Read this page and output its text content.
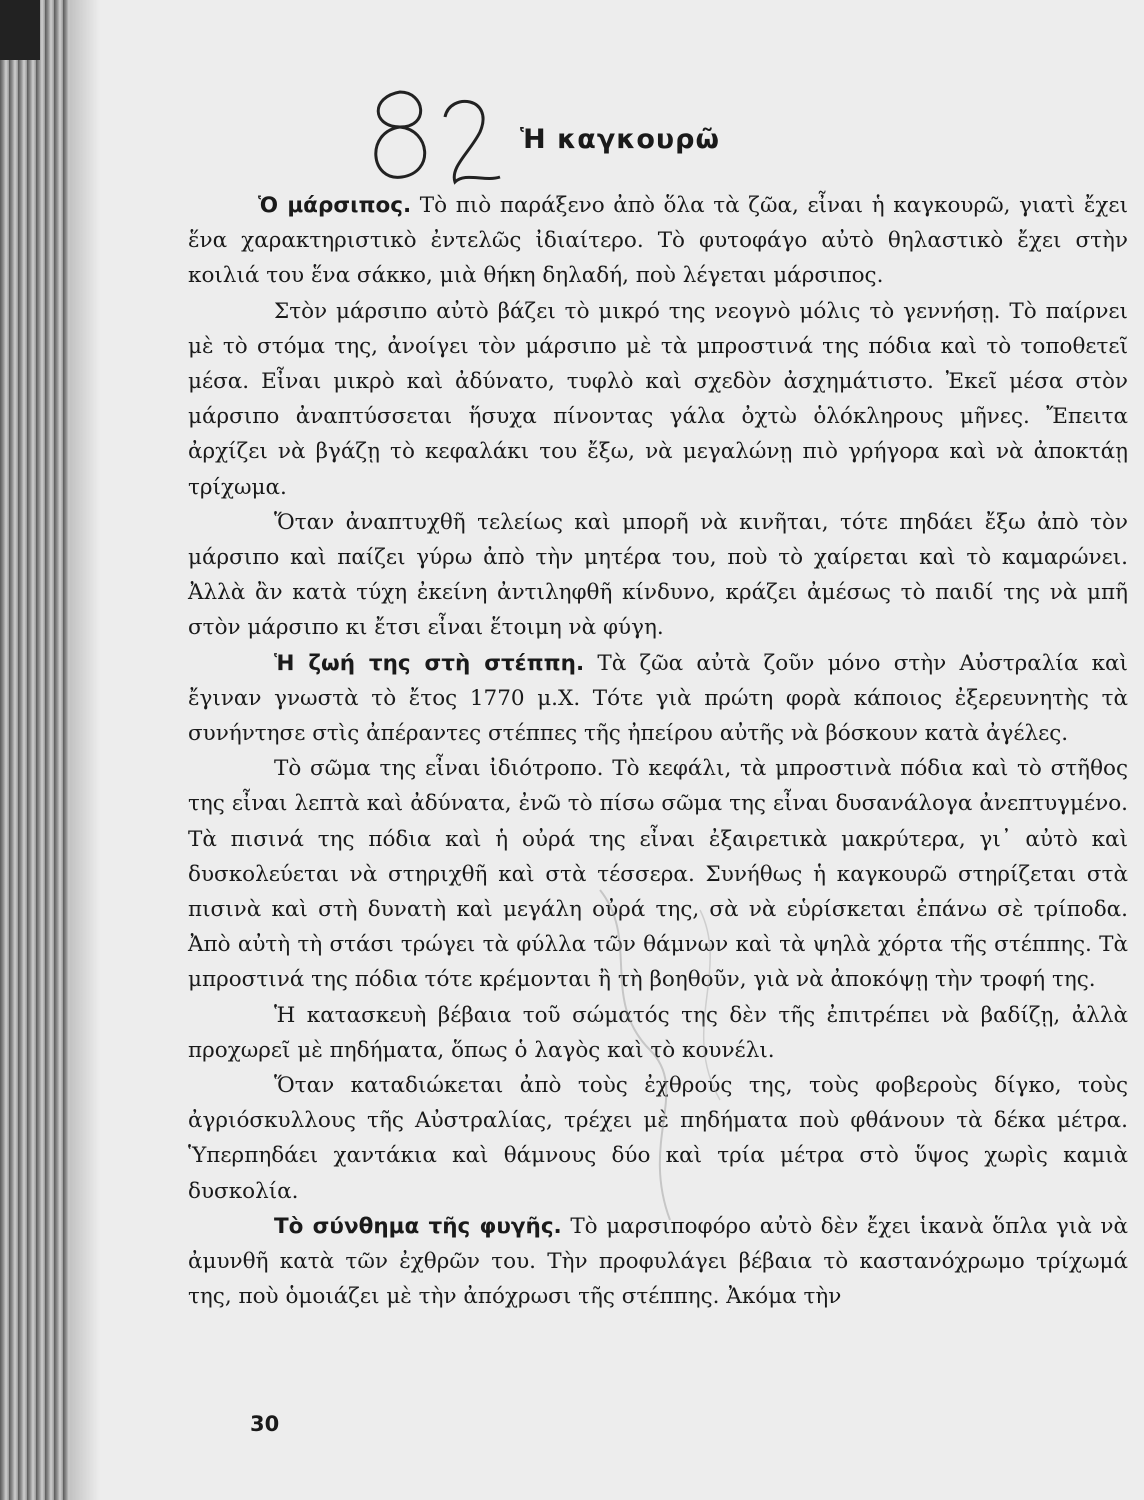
Ἡ καγκουρῶ

Ὁ μάρσιπος. Τὸ πιὸ παράξενο ἀπὸ ὅλα τὰ ζῶα, εἶναι ἡ καγκουρῶ, γιατὶ ἔχει ἕνα χαρακτηριστικὸ ἐντελῶς ἰδιαίτερο. Τὸ φυτοφάγο αὐτὸ θηλαστικὸ ἔχει στὴν κοιλιά του ἕνα σάκκο, μιὰ θήκη δηλαδή, ποὺ λέγεται μάρσιπος.

Στὸν μάρσιπο αὐτὸ βάζει τὸ μικρό της νεογνὸ μόλις τὸ γεννήσῃ. Τὸ παίρνει μὲ τὸ στόμα της, ἀνοίγει τὸν μάρσιπο μὲ τὰ μπροστινά της πόδια καὶ τὸ τοποθετεῖ μέσα. Εἶναι μικρὸ καὶ ἀδύνατο, τυφλὸ καὶ σχεδὸν ἀσχημάτιστο. Ἐκεῖ μέσα στὸν μάρσιπο ἀναπτύσσεται ἥσυχα πίνοντας γάλα ὀχτὼ ὁλόκληρους μῆνες. Ἔπειτα ἀρχίζει νὰ βγάζῃ τὸ κεφαλάκι του ἔξω, νὰ μεγαλώνῃ πιὸ γρήγορα καὶ νὰ ἀποκτάῃ τρίχωμα.

Ὅταν ἀναπτυχθῆ τελείως καὶ μπορῆ νὰ κινῆται, τότε πηδάει ἔξω ἀπὸ τὸν μάρσιπο καὶ παίζει γύρω ἀπὸ τὴν μητέρα του, ποὺ τὸ χαίρεται καὶ τὸ καμαρώνει. Ἀλλὰ ἂν κατὰ τύχη ἐκείνη ἀντιληφθῆ κίνδυνο, κράζει ἀμέσως τὸ παιδί της νὰ μπῆ στὸν μάρσιπο κι ἔτσι εἶναι ἕτοιμη νὰ φύγη.

Ἡ ζωή της στὴ στέππη. Τὰ ζῶα αὐτὰ ζοῦν μόνο στὴν Αὐστραλία καὶ ἔγιναν γνωστὰ τὸ ἔτος 1770 μ.Χ. Τότε γιὰ πρώτη φορὰ κάποιος ἐξερευνητὴς τὰ συνήντησε στὶς ἀπέραντες στέππες τῆς ἠπείρου αὐτῆς νὰ βόσκουν κατὰ ἀγέλες.

Τὸ σῶμα της εἶναι ἰδιότροπο. Τὸ κεφάλι, τὰ μπροστινὰ πόδια καὶ τὸ στῆθος της εἶναι λεπτὰ καὶ ἀδύνατα, ἐνῶ τὸ πίσω σῶμα της εἶναι δυσανάλογα ἀνεπτυγμένο. Τὰ πισινά της πόδια καὶ ἡ οὐρά της εἶναι ἐξαιρετικὰ μακρύτερα, γι᾽ αὐτὸ καὶ δυσκολεύεται νὰ στηριχθῆ καὶ στὰ τέσσερα. Συνήθως ἡ καγκουρῶ στηρίζεται στὰ πισινὰ καὶ στὴ δυνατὴ καὶ μεγάλη οὐρά της, σὰ νὰ εὑρίσκεται ἐπάνω σὲ τρίποδα. Ἀπὸ αὐτὴ τὴ στάσι τρώγει τὰ φύλλα τῶν θάμνων καὶ τὰ ψηλὰ χόρτα τῆς στέππης. Τὰ μπροστινά της πόδια τότε κρέμονται ἢ τὴ βοηθοῦν, γιὰ νὰ ἀποκόψῃ τὴν τροφή της.

Ἡ κατασκευὴ βέβαια τοῦ σώματός της δὲν τῆς ἐπιτρέπει νὰ βαδίζῃ, ἀλλὰ προχωρεῖ μὲ πηδήματα, ὅπως ὁ λαγὸς καὶ τὸ κουνέλι.

Ὅταν καταδιώκεται ἀπὸ τοὺς ἐχθρούς της, τοὺς φοβεροὺς δίγκο, τοὺς ἀγριόσκυλλους τῆς Αὐστραλίας, τρέχει μὲ πηδήματα ποὺ φθάνουν τὰ δέκα μέτρα. Ὑπερπηδάει χαντάκια καὶ θάμνους δύο καὶ τρία μέτρα στὸ ὕψος χωρὶς καμιὰ δυσκολία.

Τὸ σύνθημα τῆς φυγῆς. Τὸ μαρσιποφόρο αὐτὸ δὲν ἔχει ἱκανὰ ὅπλα γιὰ νὰ ἀμυνθῆ κατὰ τῶν ἐχθρῶν του. Τὴν προφυλάγει βέβαια τὸ καστανόχρωμο τρίχωμά της, ποὺ ὁμοιάζει μὲ τὴν ἀπόχρωσι τῆς στέππης. Ἀκόμα τὴν

30
